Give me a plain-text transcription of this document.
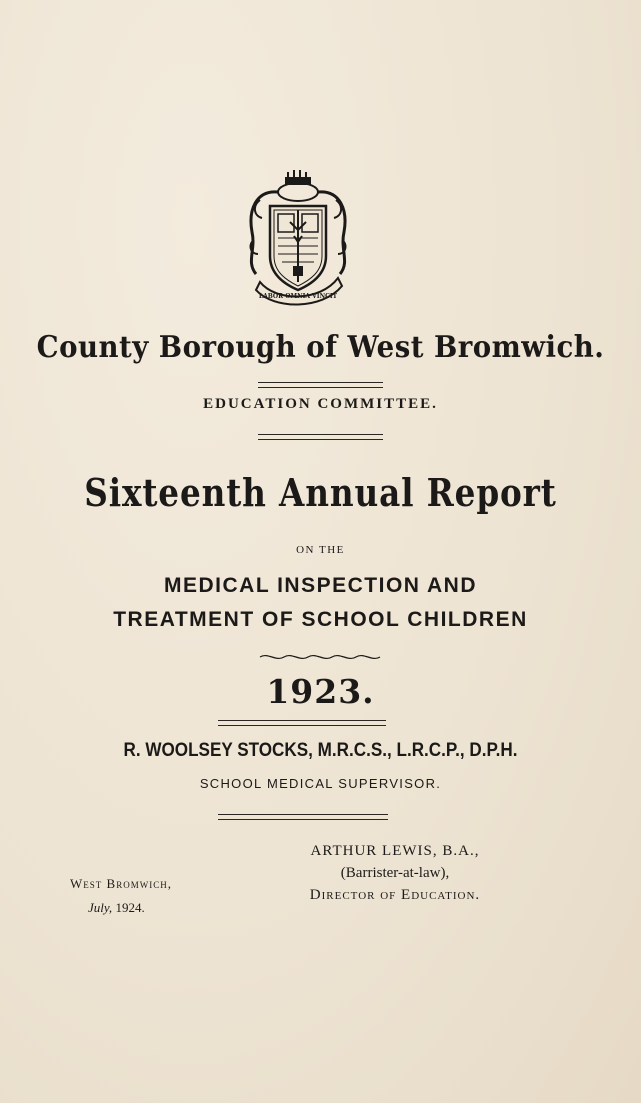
LABOR OMNIA VINCIT
County Borough of West Bromwich.
EDUCATION COMMITTEE.
Sixteenth Annual Report
ON THE
MEDICAL INSPECTION AND
TREATMENT OF SCHOOL CHILDREN
1923.
R. WOOLSEY STOCKS, M.R.C.S., L.R.C.P., D.P.H.
SCHOOL MEDICAL SUPERVISOR.
West Bromwich,
July, 1924.
ARTHUR LEWIS, B.A.,
(Barrister-at-law),
Director of Education.
